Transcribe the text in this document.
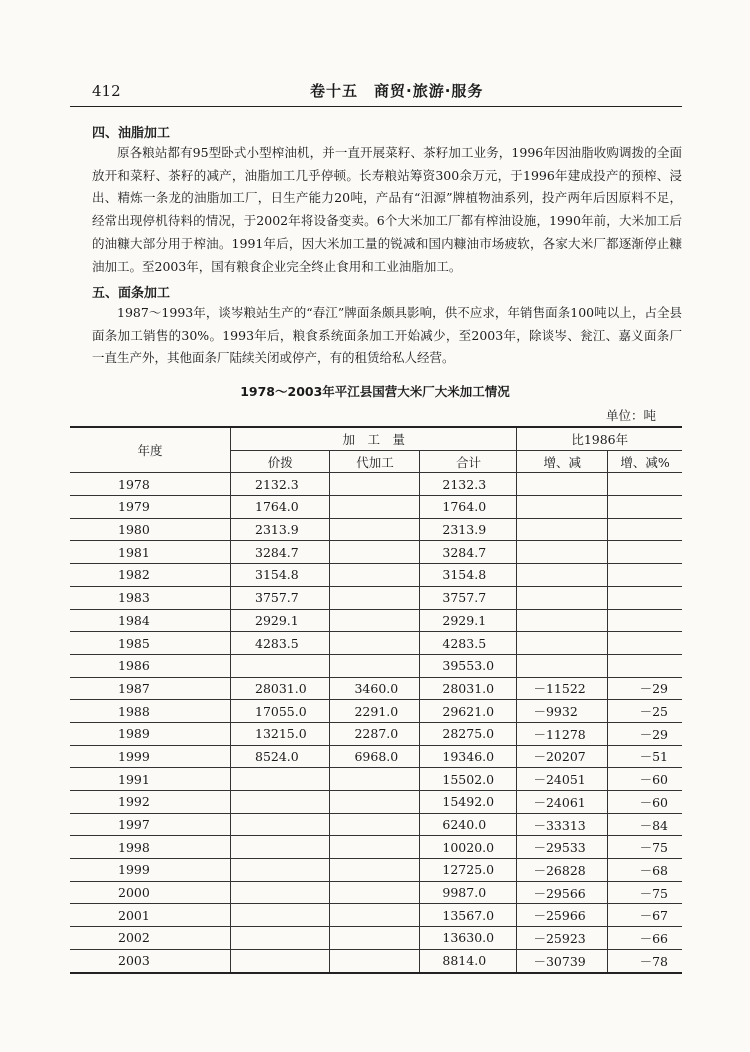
412	卷十五　商贸·旅游·服务
四、油脂加工
原各粮站都有95型卧式小型榨油机，并一直开展菜籽、茶籽加工业务，1996年因油脂收购调拨的全面放开和菜籽、茶籽的减产，油脂加工几乎停顿。长寿粮站筹资300余万元，于1996年建成投产的预榨、浸出、精炼一条龙的油脂加工厂，日生产能力20吨，产品有“汨源”牌植物油系列，投产两年后因原料不足，经常出现停机待料的情况，于2002年将设备变卖。6个大米加工厂都有榨油设施，1990年前，大米加工后的油糠大部分用于榨油。1991年后，因大米加工量的锐减和国内糠油市场疲软，各家大米厂都逐渐停止糠油加工。至2003年，国有粮食企业完全终止食用和工业油脂加工。
五、面条加工
1987～1993年，谈岑粮站生产的“春江”牌面条颇具影响，供不应求，年销售面条100吨以上，占全县面条加工销售的30%。1993年后，粮食系统面条加工开始减少，至2003年，除谈岑、瓮江、嘉义面条厂一直生产外，其他面条厂陆续关闭或停产，有的租赁给私人经营。
1978～2003年平江县国营大米厂大米加工情况
单位：吨
年度	加　工　量			比1986年	
	价拨	代加工	合计	增、减	增、减%
1978	2132.3		2132.3		
1979	1764.0		1764.0		
1980	2313.9		2313.9		
1981	3284.7		3284.7		
1982	3154.8		3154.8		
1983	3757.7		3757.7		
1984	2929.1		2929.1		
1985	4283.5		4283.5		
1986			39553.0		
1987	28031.0	3460.0	28031.0	－11522	－29
1988	17055.0	2291.0	29621.0	－9932	－25
1989	13215.0	2287.0	28275.0	－11278	－29
1999	8524.0	6968.0	19346.0	－20207	－51
1991			15502.0	－24051	－60
1992			15492.0	－24061	－60
1997			6240.0	－33313	－84
1998			10020.0	－29533	－75
1999			12725.0	－26828	－68
2000			9987.0	－29566	－75
2001			13567.0	－25966	－67
2002			13630.0	－25923	－66
2003			8814.0	－30739	－78
